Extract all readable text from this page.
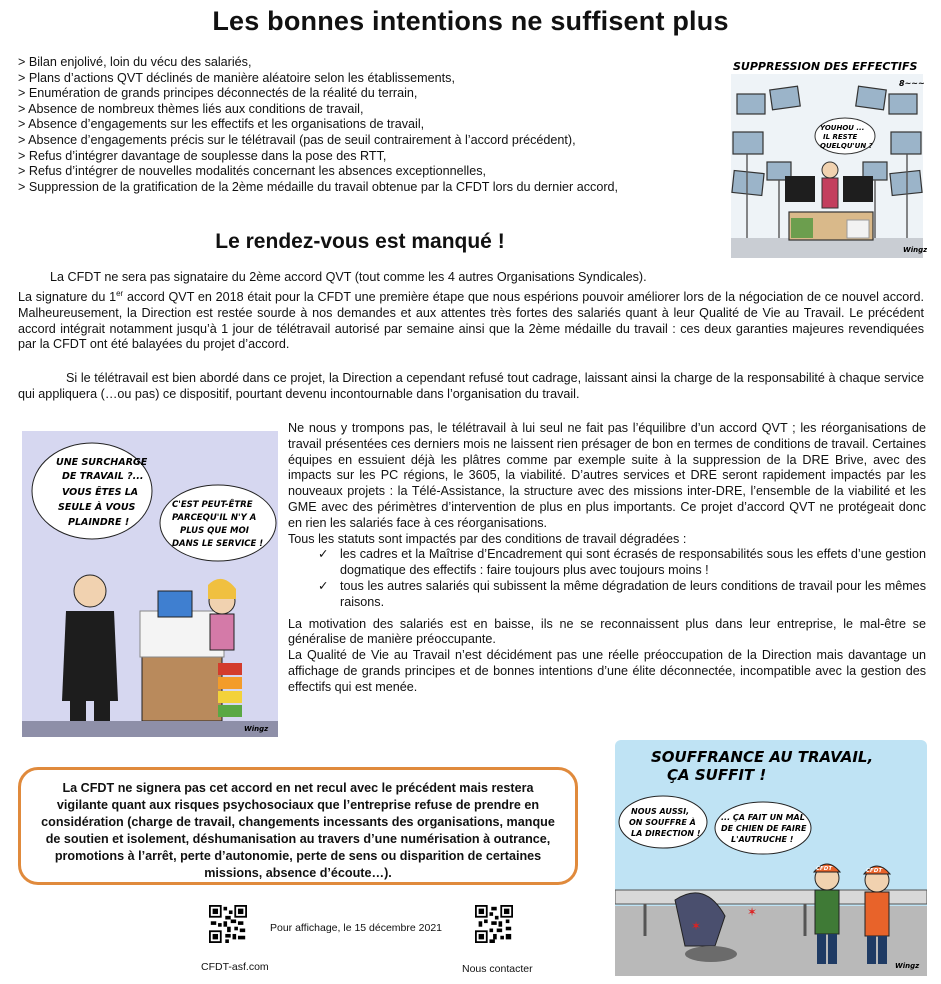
Les bonnes intentions ne suffisent plus
> Bilan enjolivé, loin du vécu des salariés,
> Plans d’actions QVT déclinés de manière aléatoire selon les établissements,
> Enumération de grands principes déconnectés de la réalité du terrain,
> Absence de nombreux thèmes liés aux conditions de travail,
> Absence d’engagements sur les effectifs et les organisations de travail,
> Absence d’engagements précis sur le télétravail (pas de seuil contrairement à l’accord précédent),
> Refus d’intégrer davantage de souplesse dans la pose des RTT,
> Refus d’intégrer de nouvelles modalités concernant les absences exceptionnelles,
> Suppression de la gratification de la 2ème médaille du travail obtenue par la CFDT lors du dernier accord,
YOUHOU ...
IL RESTE
QUELQU'UN ?
SUPPRESSION DES EFFECTIFS
8~~~
Wingz
Le rendez-vous est manqué !
La CFDT ne sera pas signataire du 2ème accord QVT (tout comme les 4 autres Organisations Syndicales).
La signature du 1er accord QVT en 2018 était pour la CFDT une première étape que nous espérions pouvoir améliorer lors de la négociation de ce nouvel accord. Malheureusement, la Direction est restée sourde à nos demandes et aux attentes très fortes des salariés quant à leur Qualité de Vie au Travail. Le précédent accord intégrait notamment jusqu’à 1 jour de télétravail autorisé par semaine ainsi que la 2ème médaille du travail : ces deux garanties majeures revendiquées par la CFDT ont été balayées du projet d’accord.
Si le télétravail est bien abordé dans ce projet, la Direction a cependant refusé tout cadrage, laissant ainsi la charge de la responsabilité à chaque service qui appliquera (…ou pas) ce dispositif, pourtant devenu incontournable dans l’organisation du travail.
UNE SURCHARGE
DE TRAVAIL ?...
VOUS ÊTES LA
SEULE À VOUS
PLAINDRE !
C'EST PEUT-ÊTRE
PARCEQU'IL N'Y A
PLUS QUE MOI
DANS LE SERVICE !
Wingz
Ne nous y trompons pas, le télétravail à lui seul ne fait pas l’équilibre d’un accord QVT ; les réorganisations de travail présentées ces derniers mois ne laissent rien présager de bon en termes de conditions de travail. Certaines équipes en essuient déjà les plâtres comme par exemple suite à la suppression de la DRE Brive, avec des impacts sur les PC régions, le 3605, la viabilité. D’autres services et DRE seront rapidement impactés par les nouveaux projets : la Télé-Assistance, la structure avec des missions inter-DRE, l’ensemble de la viabilité et les GME avec des périmètres d’intervention de plus en plus importants. Ce projet d’accord QVT ne protégeait donc en rien les salariés face à ces réorganisations.
Tous les statuts sont impactés par des conditions de travail dégradées :
✓ les cadres et la Maîtrise d’Encadrement qui sont écrasés de responsabilités sous les effets d’une gestion dogmatique des effectifs : faire toujours plus avec toujours moins !
✓ tous les autres salariés qui subissent la même dégradation de leurs conditions de travail pour les mêmes raisons.
La motivation des salariés est en baisse, ils ne se reconnaissent plus dans leur entreprise, le mal-être se généralise de manière préoccupante.
La Qualité de Vie au Travail n’est décidément pas une réelle préoccupation de la Direction mais davantage un affichage de grands principes et de bonnes intentions d’une élite déconnectée, incompatible avec la gestion des effectifs qui est menée.
La CFDT ne signera pas cet accord en net recul avec le précédent mais restera vigilante quant aux risques psychosociaux que l’entreprise refuse de prendre en considération (charge de travail, changements incessants des organisations, manque de soutien et isolement, déshumanisation au travers d’une numérisation à outrance, promotions à l’arrêt, perte d’autonomie, perte de sens ou disparition de certaines missions, absence d’écoute…).
SOUFFRANCE AU TRAVAIL,
ÇA SUFFIT !
NOUS AUSSI,
ON SOUFFRE À
LA DIRECTION !
... ÇA FAIT UN MAL
DE CHIEN DE FAIRE
L'AUTRUCHE !
✶
✶
CFDT	CFDT
Wingz
CFDT-asf.com
Pour affichage, le 15 décembre 2021
Nous contacter
